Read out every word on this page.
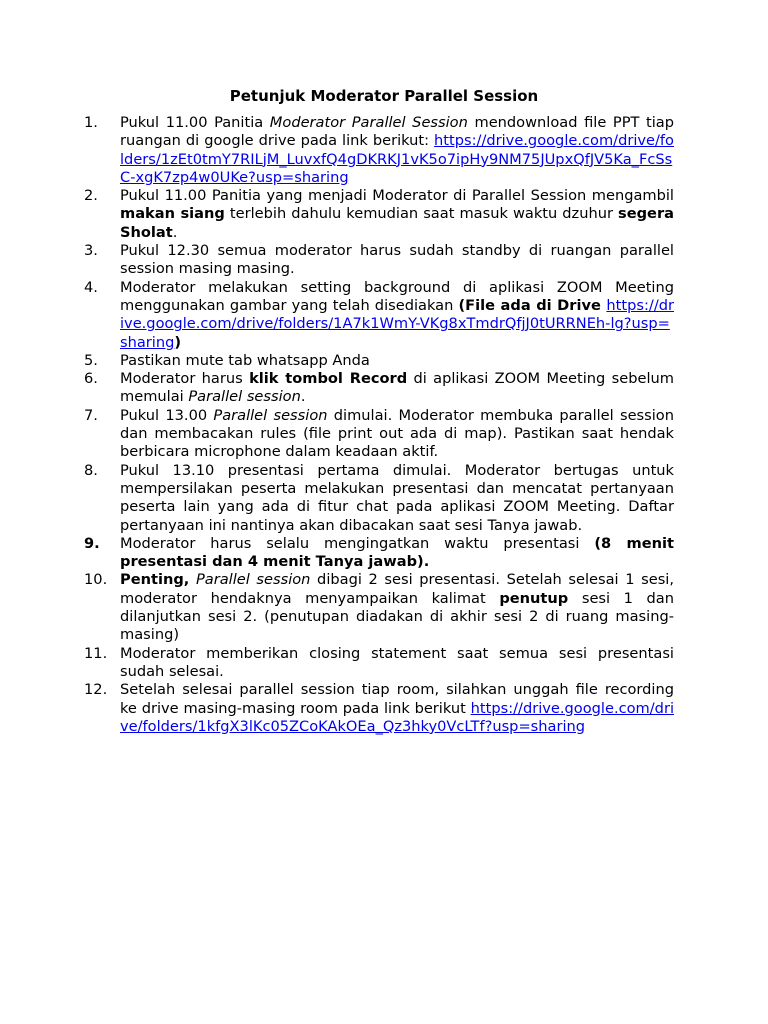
Petunjuk Moderator Parallel Session
1.	Pukul 11.00 Panitia Moderator Parallel Session mendownload file PPT tiap ruangan di google drive pada link berikut: https://drive.google.com/drive/folders/1zEt0tmY7RILjM_LuvxfQ4gDKRKJ1vK5o7ipHy9NM75JUpxQfJV5Ka_FcSsC-xgK7zp4w0UKe?usp=sharing
2.	Pukul 11.00 Panitia yang menjadi Moderator di Parallel Session mengambil makan siang terlebih dahulu kemudian saat masuk waktu dzuhur segera Sholat.
3.	Pukul 12.30 semua moderator harus sudah standby di ruangan parallel session masing masing.
4.	Moderator melakukan setting background di aplikasi ZOOM Meeting menggunakan gambar yang telah disediakan (File ada di Drive https://drive.google.com/drive/folders/1A7k1WmY-VKg8xTmdrQfjJ0tURRNEh-lg?usp=sharing)
5.	Pastikan mute tab whatsapp Anda
6.	Moderator harus klik tombol Record di aplikasi ZOOM Meeting sebelum memulai Parallel session.
7.	Pukul 13.00 Parallel session dimulai. Moderator membuka parallel session dan membacakan rules (file print out ada di map). Pastikan saat hendak berbicara microphone dalam keadaan aktif.
8.	Pukul 13.10 presentasi pertama dimulai. Moderator bertugas untuk mempersilakan peserta melakukan presentasi dan mencatat pertanyaan peserta lain yang ada di fitur chat pada aplikasi ZOOM Meeting. Daftar pertanyaan ini nantinya akan dibacakan saat sesi Tanya jawab.
9.	Moderator harus selalu mengingatkan waktu presentasi (8 menit presentasi dan 4 menit Tanya jawab).
10. Penting, Parallel session dibagi 2 sesi presentasi. Setelah selesai 1 sesi, moderator hendaknya menyampaikan kalimat penutup sesi 1 dan dilanjutkan sesi 2. (penutupan diadakan di akhir sesi 2 di ruang masing-masing)
11. Moderator memberikan closing statement saat semua sesi presentasi sudah selesai.
12. Setelah selesai parallel session tiap room, silahkan unggah file recording ke drive masing-masing room pada link berikut https://drive.google.com/drive/folders/1kfgX3lKc05ZCoKAkOEa_Qz3hky0VcLTf?usp=sharing
